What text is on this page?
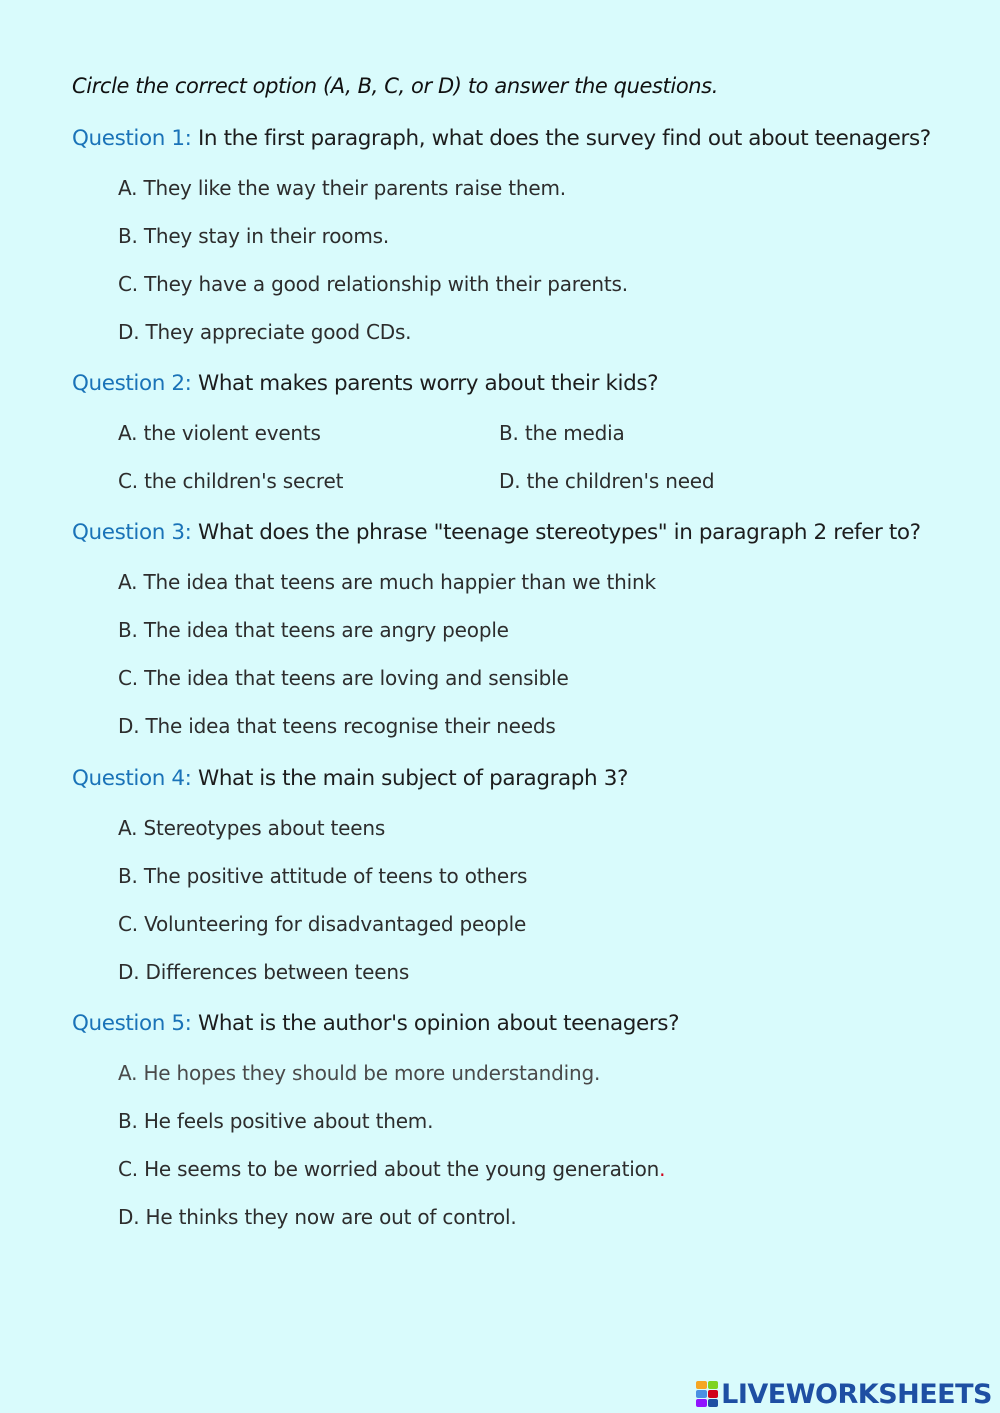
Circle the correct option (A, B, C, or D) to answer the questions.
Question 1: In the first paragraph, what does the survey find out about teenagers?
A. They like the way their parents raise them.
B. They stay in their rooms.
C. They have a good relationship with their parents.
D. They appreciate good CDs.
Question 2: What makes parents worry about their kids?
A. the violent events	B. the media
C. the children's secret	D. the children's need
Question 3: What does the phrase "teenage stereotypes" in paragraph 2 refer to?
A. The idea that teens are much happier than we think
B. The idea that teens are angry people
C. The idea that teens are loving and sensible
D. The idea that teens recognise their needs
Question 4: What is the main subject of paragraph 3?
A. Stereotypes about teens
B. The positive attitude of teens to others
C. Volunteering for disadvantaged people
D. Differences between teens
Question 5: What is the author's opinion about teenagers?
A. He hopes they should be more understanding.
B. He feels positive about them.
C. He seems to be worried about the young generation.
D. He thinks they now are out of control.
LIVEWORKSHEETS
